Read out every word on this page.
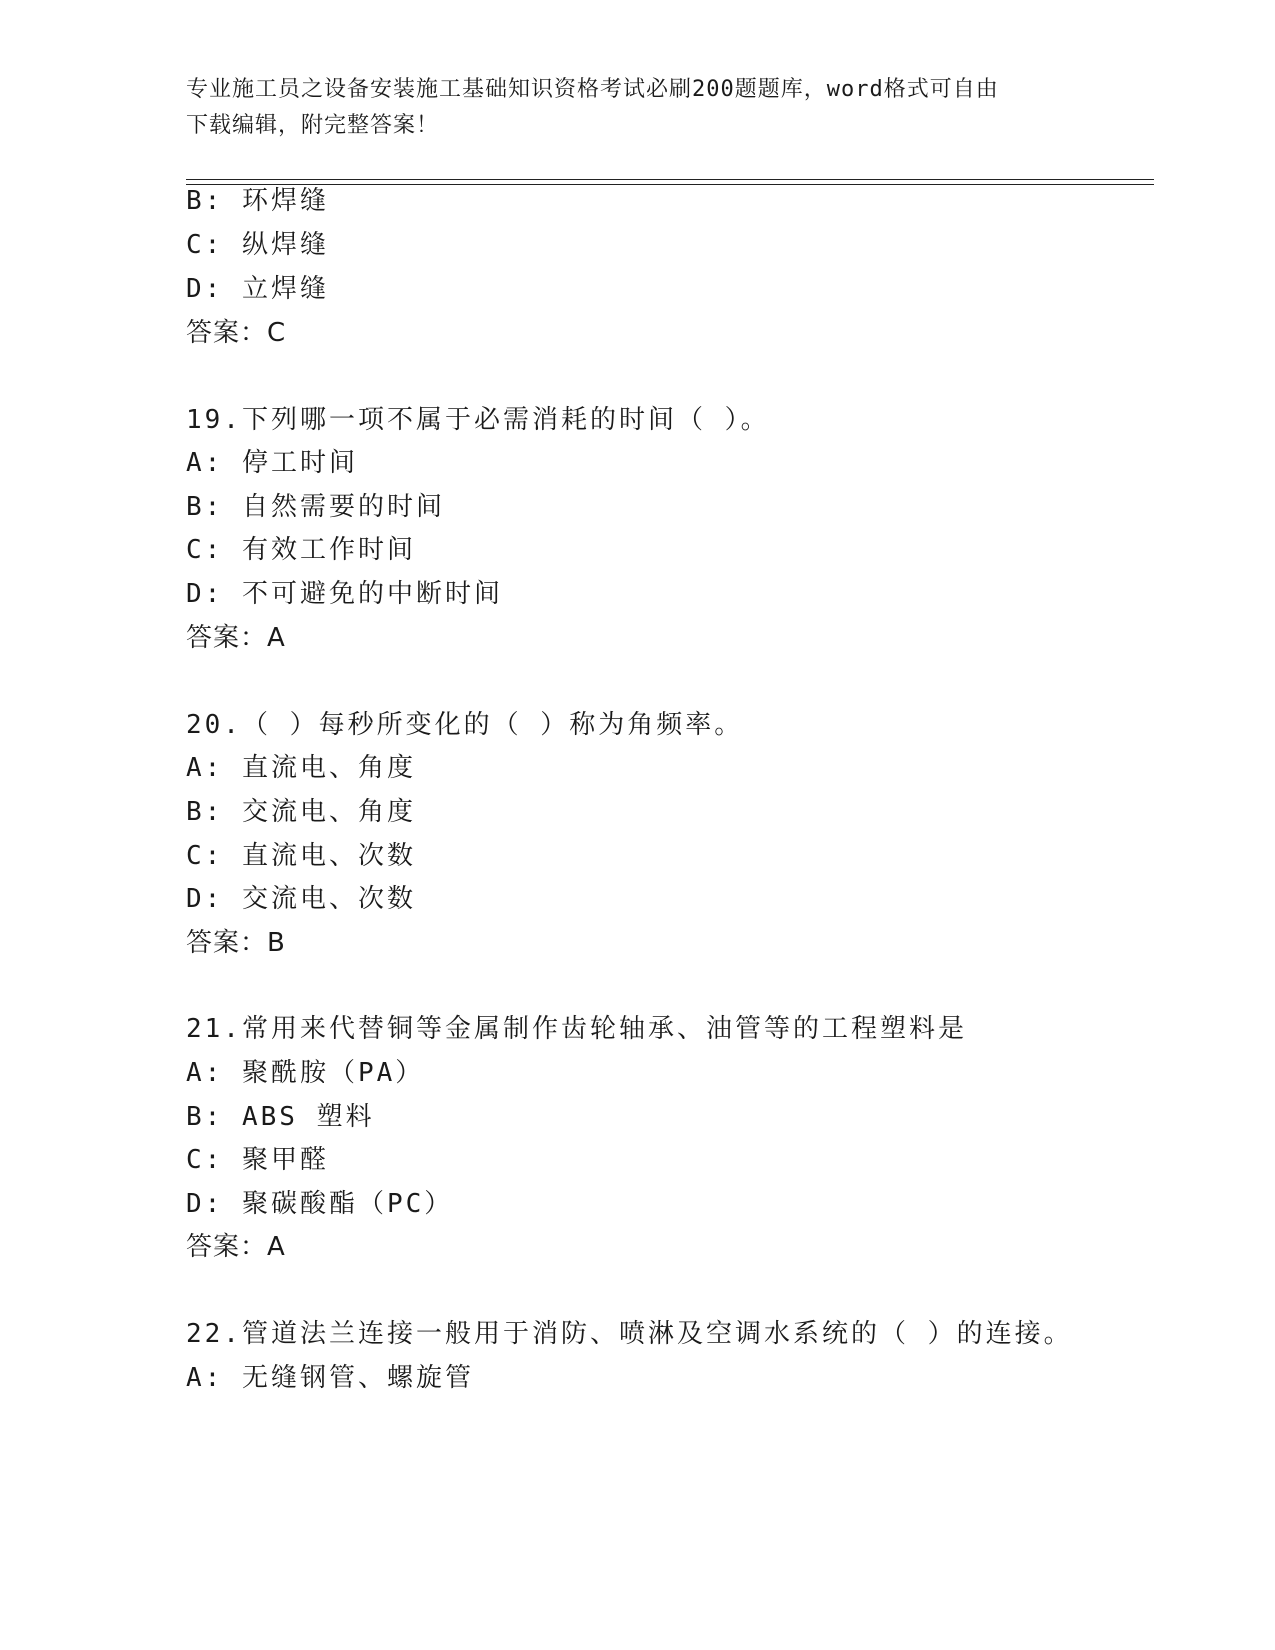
专业施工员之设备安装施工基础知识资格考试必刷200题题库，word格式可自由
下载编辑，附完整答案！
B: 环焊缝
C: 纵焊缝
D: 立焊缝
答案：C
19.下列哪一项不属于必需消耗的时间（ ）。
A: 停工时间
B: 自然需要的时间
C: 有效工作时间
D: 不可避免的中断时间
答案：A
20.（ ）每秒所变化的（ ）称为角频率。
A: 直流电、角度
B: 交流电、角度
C: 直流电、次数
D: 交流电、次数
答案：B
21.常用来代替铜等金属制作齿轮轴承、油管等的工程塑料是
A: 聚酰胺（PA）
B: ABS 塑料
C: 聚甲醛
D: 聚碳酸酯（PC）
答案：A
22.管道法兰连接一般用于消防、喷淋及空调水系统的（ ）的连接。
A: 无缝钢管、螺旋管
